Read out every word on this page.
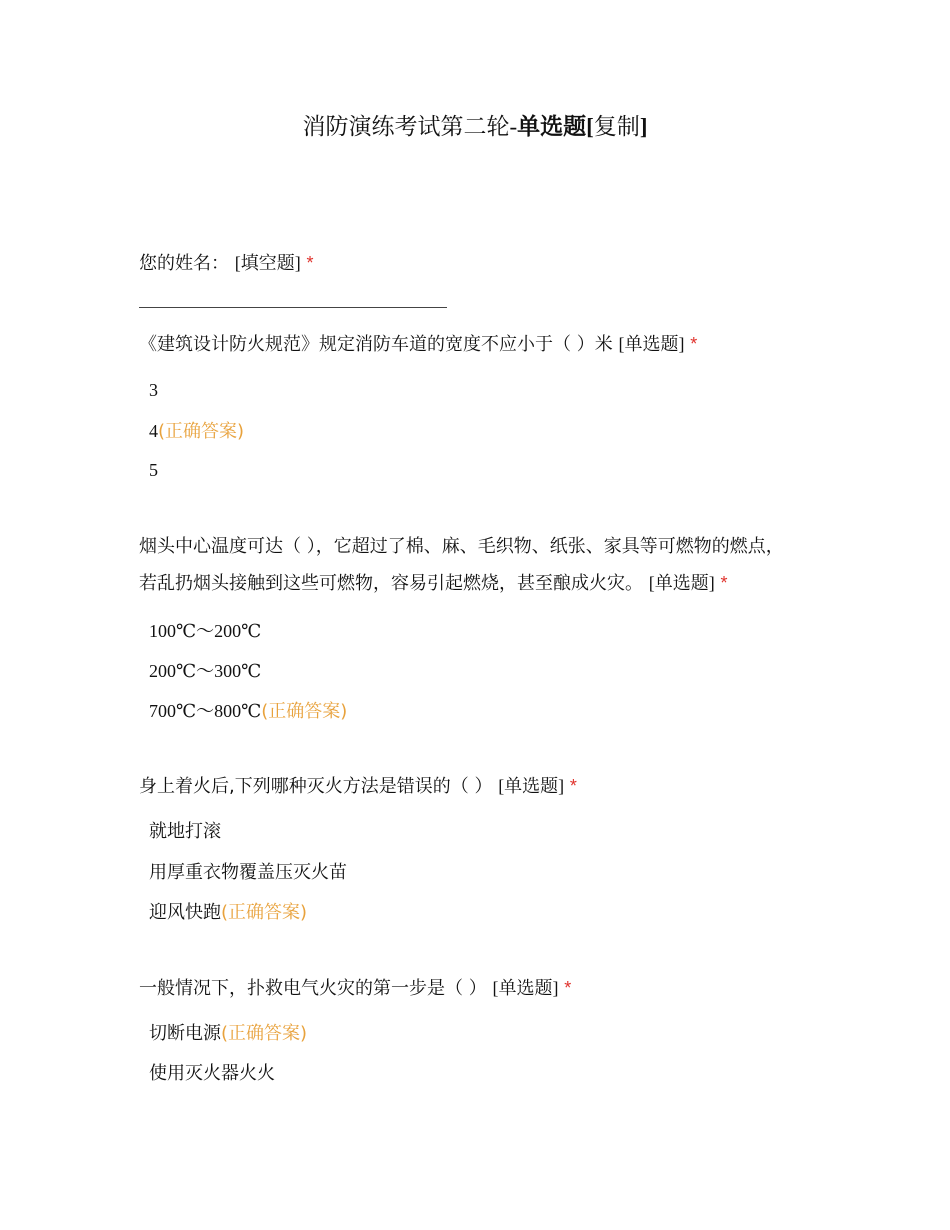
消防演练考试第二轮-单选题[复制]
您的姓名： [填空题] *
《建筑设计防火规范》规定消防车道的宽度不应小于（ ）米 [单选题] *
3
4(正确答案)
5
烟头中心温度可达（ ），它超过了棉、麻、毛织物、纸张、家具等可燃物的燃点，若乱扔烟头接触到这些可燃物，容易引起燃烧，甚至酿成火灾。 [单选题] *
100℃～200℃
200℃～300℃
700℃～800℃(正确答案)
身上着火后,下列哪种灭火方法是错误的（ ） [单选题] *
就地打滚
用厚重衣物覆盖压灭火苗
迎风快跑(正确答案)
一般情况下，扑救电气火灾的第一步是（ ） [单选题] *
切断电源(正确答案)
使用灭火器火火
